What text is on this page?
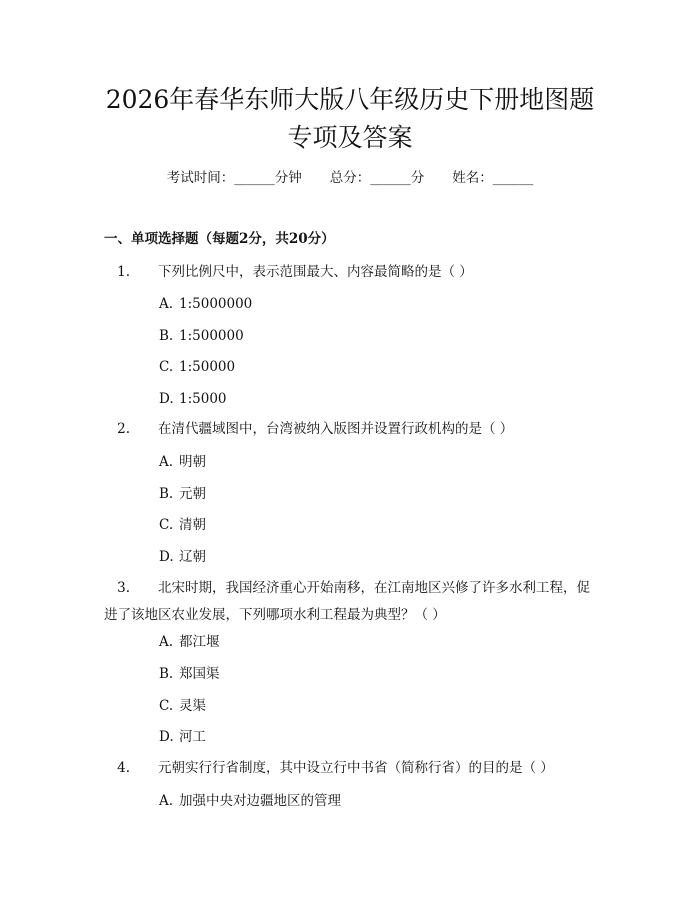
2026年春华东师大版八年级历史下册地图题
专项及答案
考试时间：______分钟 总分：______分 姓名：______
一、单项选择题（每题2分，共20分）
1. 下列比例尺中，表示范围最大、内容最简略的是（ ）
A. 1:5000000
B. 1:500000
C. 1:50000
D. 1:5000
2. 在清代疆域图中，台湾被纳入版图并设置行政机构的是（ ）
A. 明朝
B. 元朝
C. 清朝
D. 辽朝
3. 北宋时期，我国经济重心开始南移，在江南地区兴修了许多水利工程，促
进了该地区农业发展，下列哪项水利工程最为典型？（ ）
A. 都江堰
B. 郑国渠
C. 灵渠
D. 河工
4. 元朝实行行省制度，其中设立行中书省（简称行省）的目的是（ ）
A. 加强中央对边疆地区的管理
